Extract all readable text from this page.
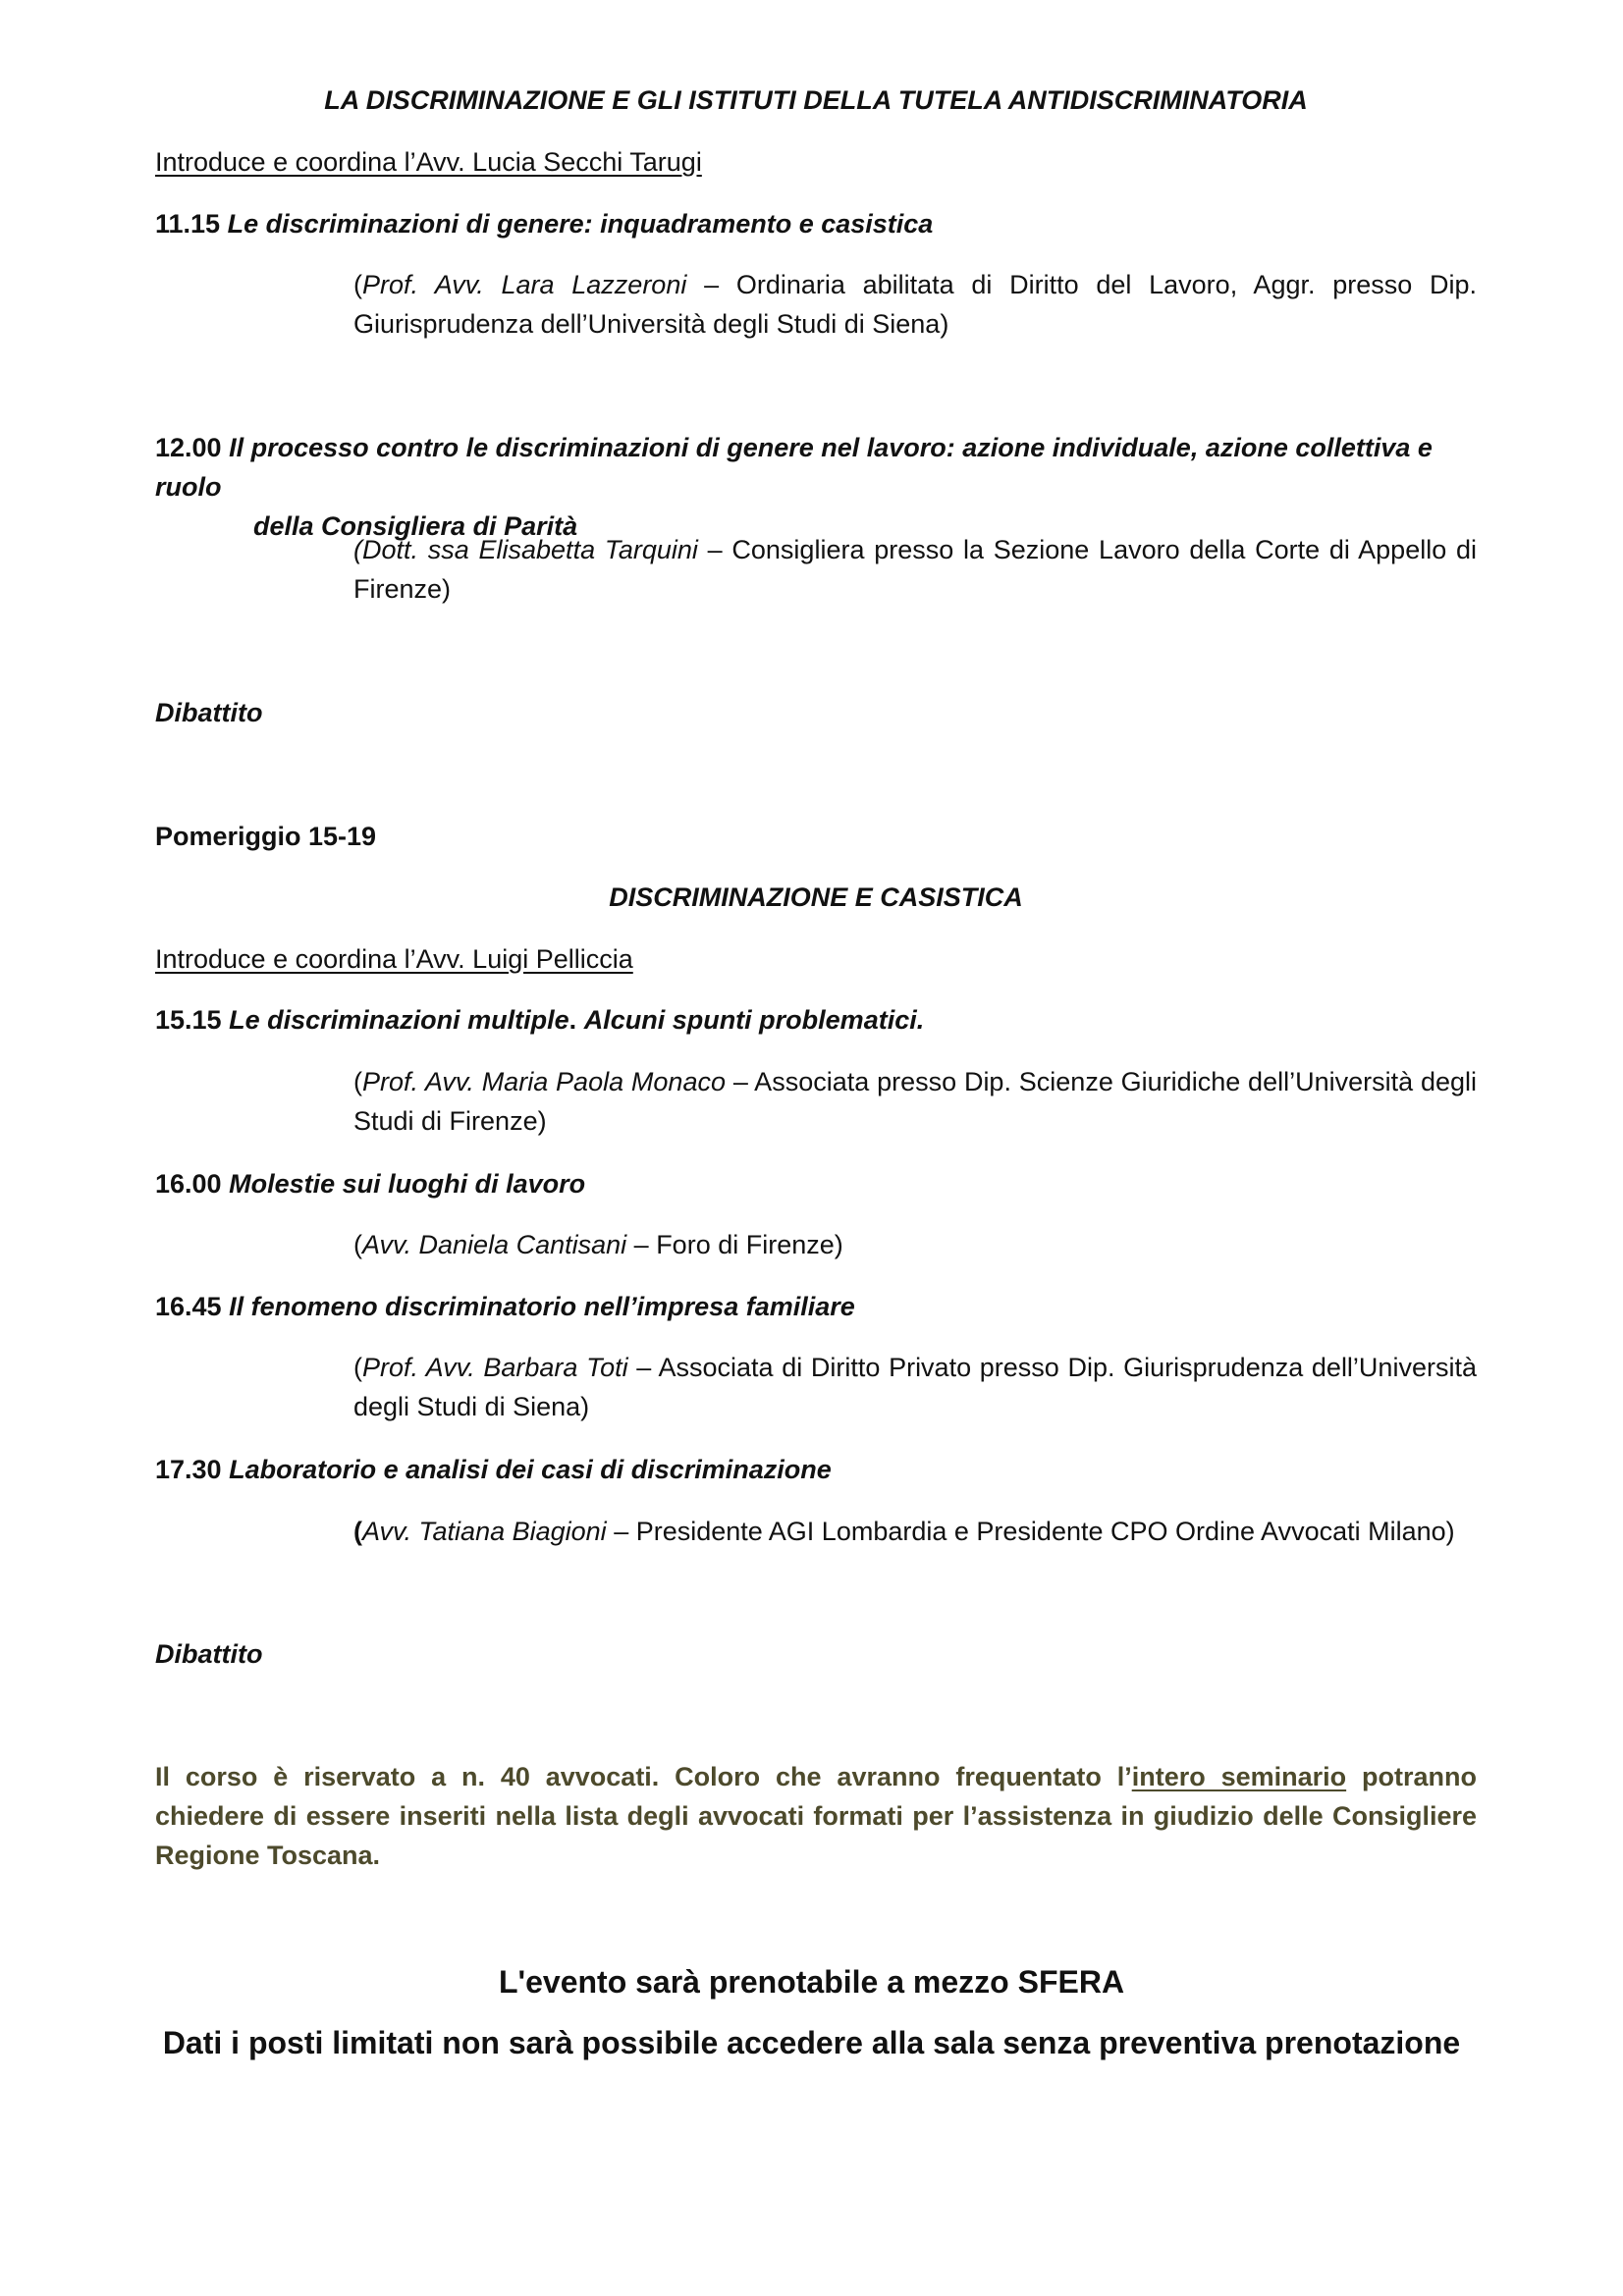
LA DISCRIMINAZIONE E GLI ISTITUTI DELLA TUTELA ANTIDISCRIMINATORIA
Introduce e coordina l’Avv. Lucia Secchi Tarugi
11.15 Le discriminazioni di genere: inquadramento e casistica
(Prof. Avv. Lara Lazzeroni – Ordinaria abilitata di Diritto del Lavoro, Aggr. presso Dip. Giurisprudenza dell’Università degli Studi di Siena)
12.00 Il processo contro le discriminazioni di genere nel lavoro: azione individuale, azione collettiva e ruolo
della Consigliera di Parità
(Dott. ssa Elisabetta Tarquini – Consigliera presso la Sezione Lavoro della Corte di Appello di Firenze)
Dibattito
Pomeriggio 15-19
DISCRIMINAZIONE E CASISTICA
Introduce e coordina l’Avv. Luigi Pelliccia
15.15 Le discriminazioni multiple. Alcuni spunti problematici.
(Prof. Avv. Maria Paola Monaco – Associata presso Dip. Scienze Giuridiche dell’Università degli Studi di Firenze)
16.00 Molestie sui luoghi di lavoro
(Avv. Daniela Cantisani – Foro di Firenze)
16.45 Il fenomeno discriminatorio nell’impresa familiare
(Prof. Avv. Barbara Toti – Associata di Diritto Privato presso Dip. Giurisprudenza dell’Università degli Studi di Siena)
17.30 Laboratorio e analisi dei casi di discriminazione
(Avv. Tatiana Biagioni – Presidente AGI Lombardia e Presidente CPO Ordine Avvocati Milano)
Dibattito
Il corso è riservato a n. 40 avvocati. Coloro che avranno frequentato l’intero seminario potranno chiedere di essere inseriti nella lista degli avvocati formati per l’assistenza in giudizio delle Consigliere Regione Toscana.
L'evento sarà prenotabile a mezzo SFERA
Dati i posti limitati non sarà possibile accedere alla sala senza preventiva prenotazione
